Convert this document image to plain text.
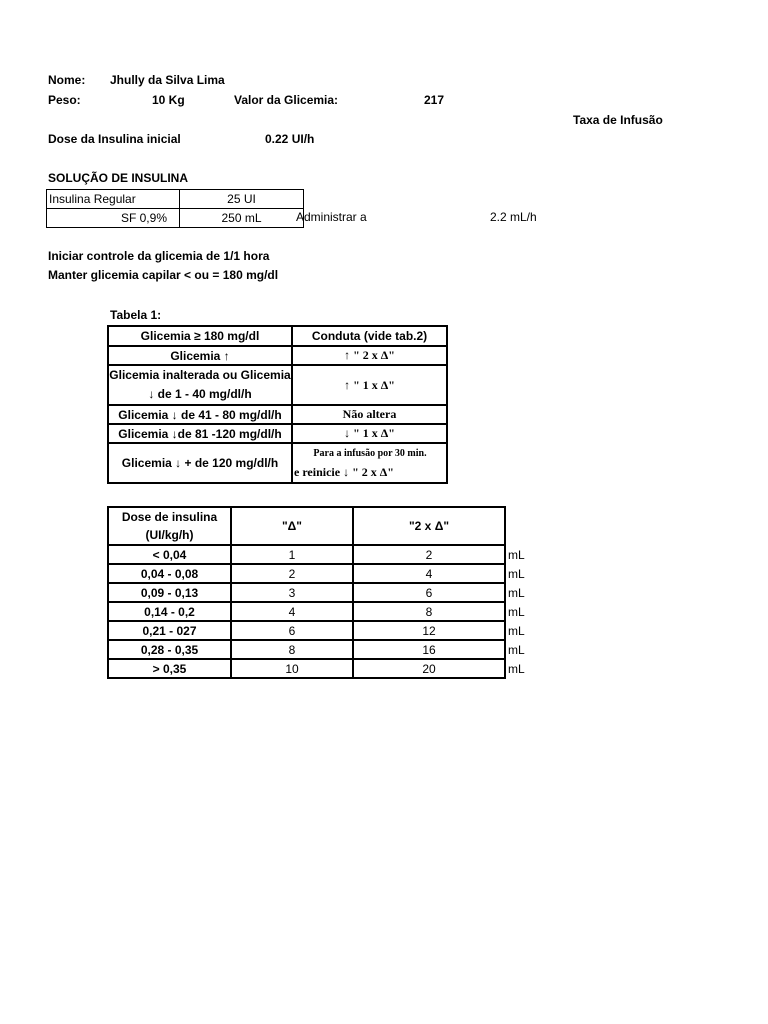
Nome: Jhully da Silva Lima
Peso:	10 Kg	Valor da Glicemia:	217
Taxa de Infusão
Dose da Insulina inicial	0.22 UI/h
SOLUÇÃO DE INSULINA
Insulina Regular	25 UI
SF 0,9%	250 mL	Administrar a	2.2 mL/h
Iniciar controle da glicemia de 1/1 hora
Manter glicemia capilar < ou = 180 mg/dl
Tabela 1:
Glicemia ≥ 180 mg/dl	Conduta (vide tab.2)
Glicemia ↑	↑ " 2 x Δ"
Glicemia inalterada ou Glicemia ↓ de 1 - 40 mg/dl/h	↑ " 1 x Δ"
Glicemia ↓ de 41 - 80 mg/dl/h	Não altera
Glicemia ↓de 81 -120 mg/dl/h	↓ " 1 x Δ"
Glicemia ↓ + de 120 mg/dl/h	Para a infusão por 30 min.
e reinicie ↓ " 2 x Δ"
Dose de insulina (UI/kg/h)	"Δ"	"2 x Δ"	
< 0,04	1	2	mL
0,04 - 0,08	2	4	mL
0,09 - 0,13	3	6	mL
0,14 - 0,2	4	8	mL
0,21 - 027	6	12	mL
0,28 - 0,35	8	16	mL
> 0,35	10	20	mL
